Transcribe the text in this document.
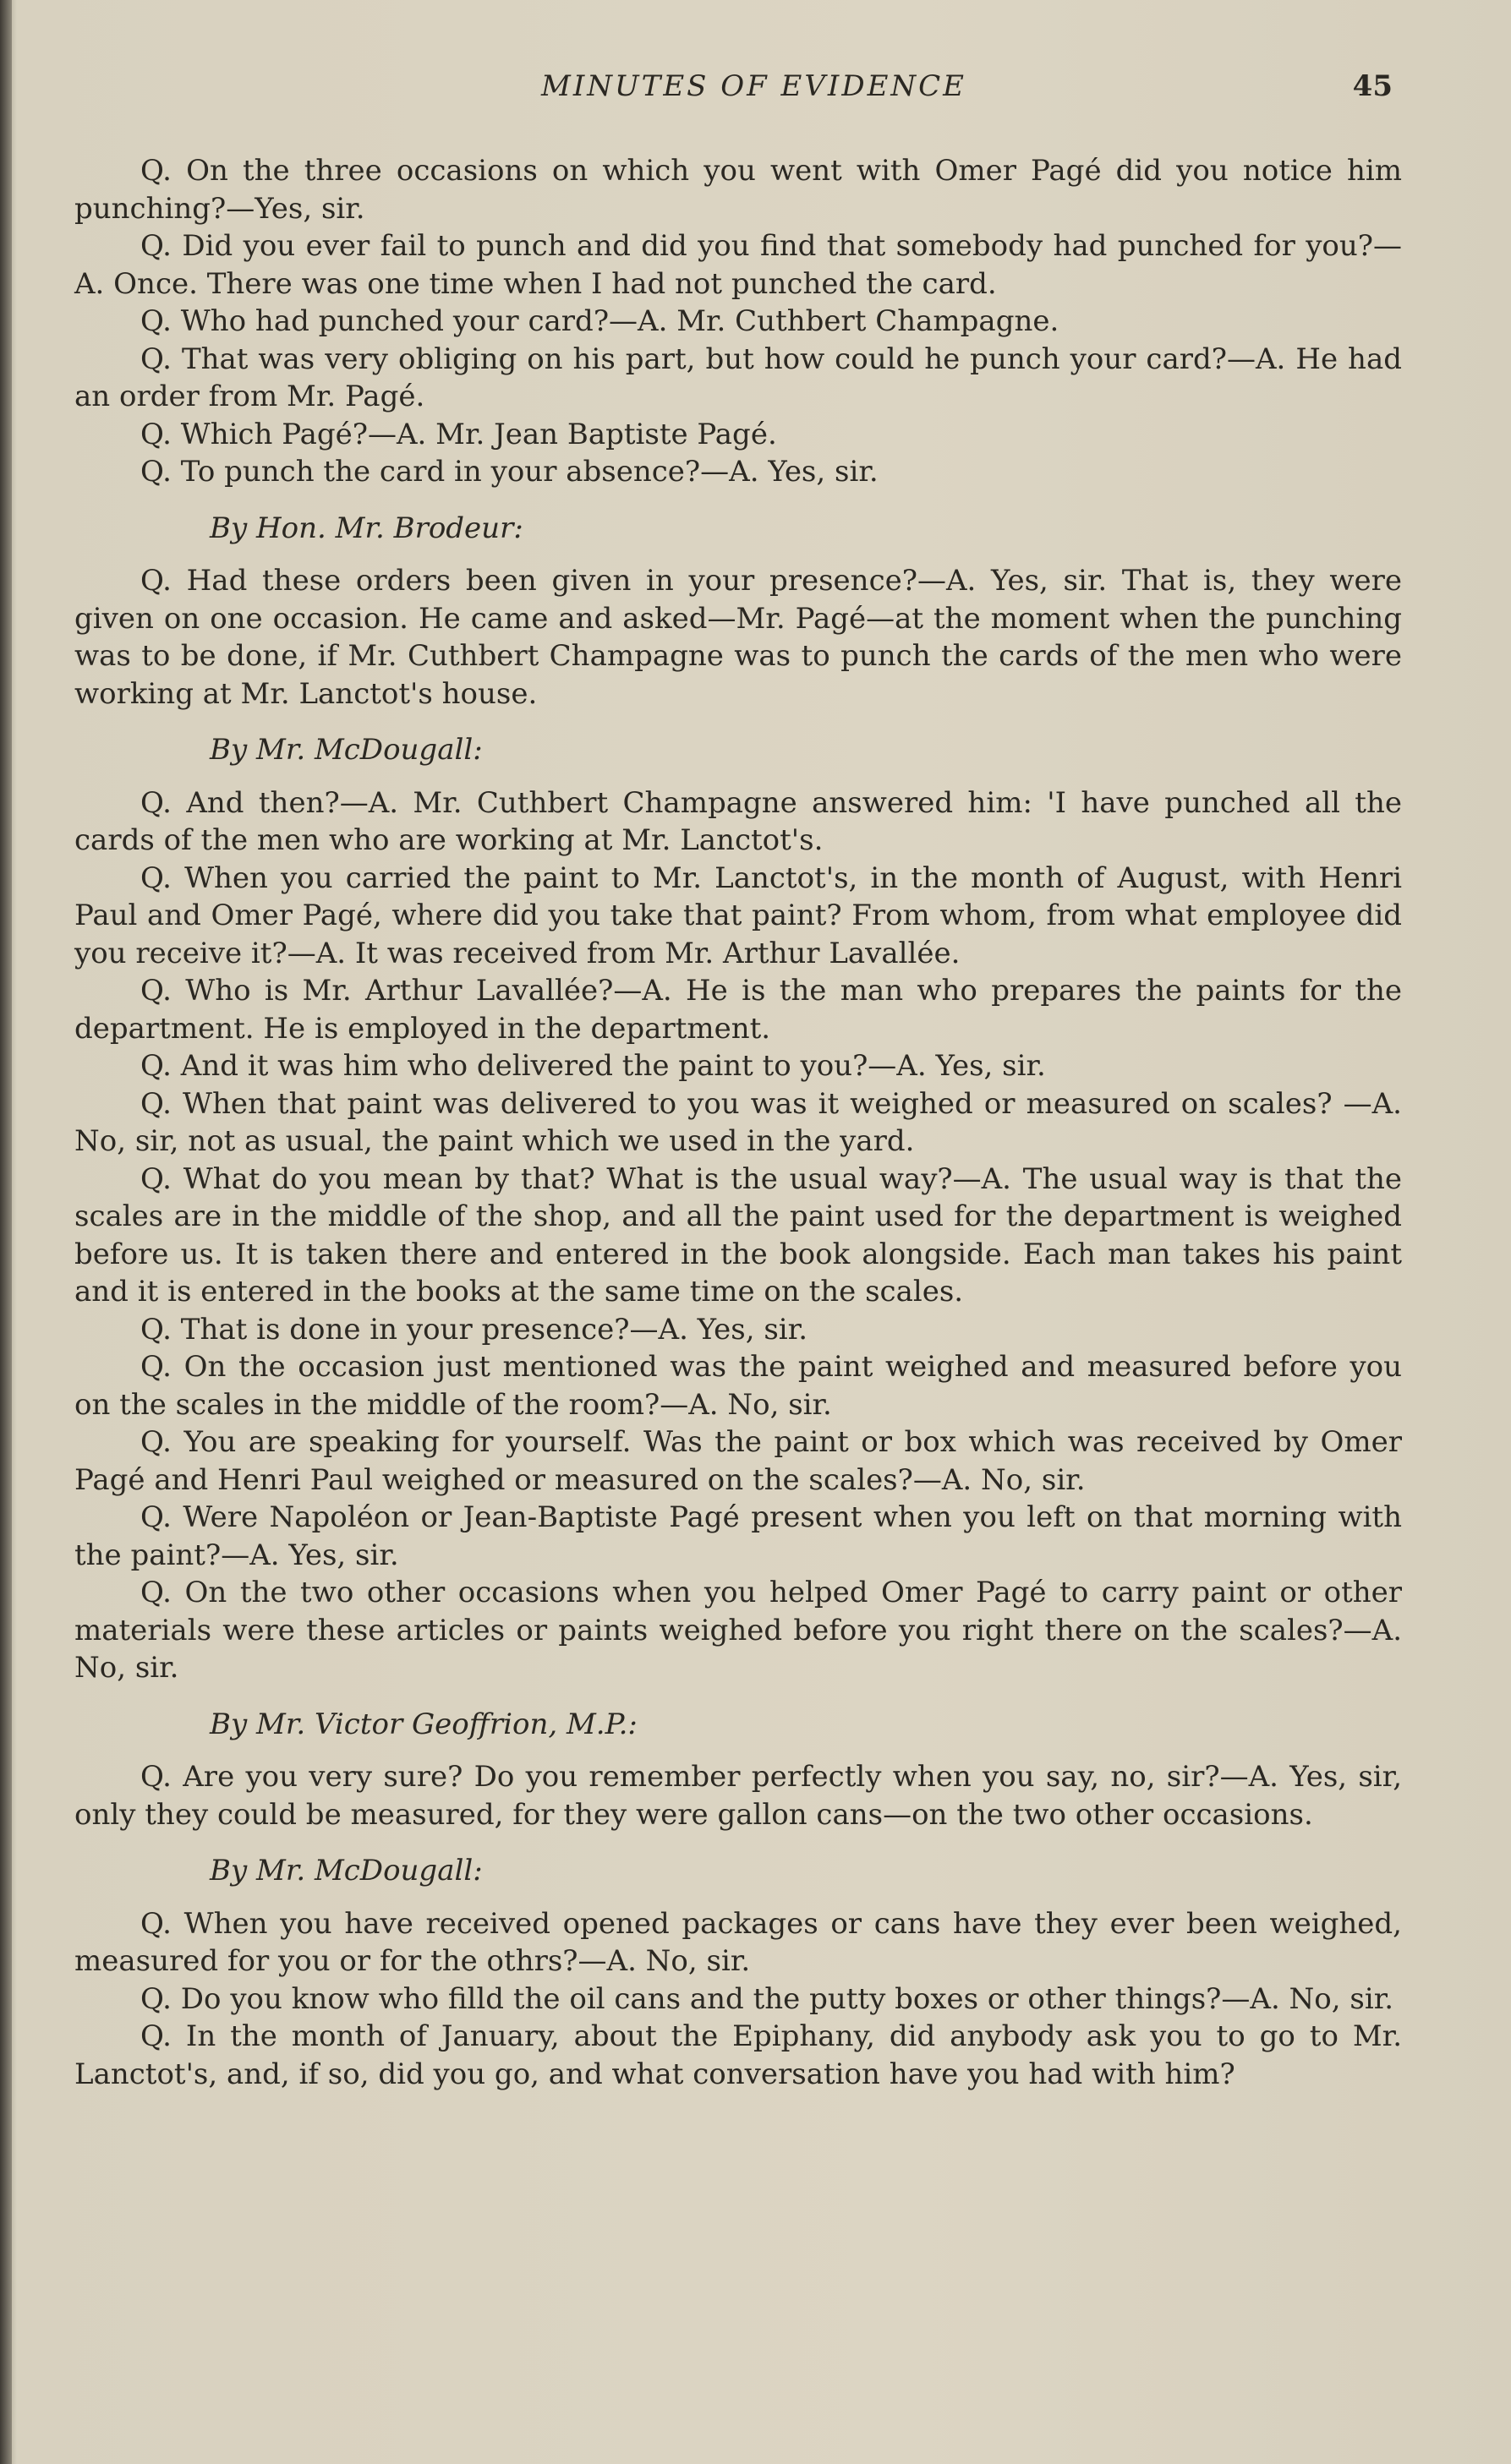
MINUTES OF EVIDENCE	45

Q. On the three occasions on which you went with Omer Pagé did you notice him punching?—Yes, sir.

Q. Did you ever fail to punch and did you find that somebody had punched for you?—A. Once. There was one time when I had not punched the card.

Q. Who had punched your card?—A. Mr. Cuthbert Champagne.

Q. That was very obliging on his part, but how could he punch your card?—A. He had an order from Mr. Pagé.

Q. Which Pagé?—A. Mr. Jean Baptiste Pagé.

Q. To punch the card in your absence?—A. Yes, sir.

By Hon. Mr. Brodeur:

Q. Had these orders been given in your presence?—A. Yes, sir. That is, they were given on one occasion. He came and asked—Mr. Pagé—at the moment when the punching was to be done, if Mr. Cuthbert Champagne was to punch the cards of the men who were working at Mr. Lanctot's house.

By Mr. McDougall:

Q. And then?—A. Mr. Cuthbert Champagne answered him: 'I have punched all the cards of the men who are working at Mr. Lanctot's.

Q. When you carried the paint to Mr. Lanctot's, in the month of August, with Henri Paul and Omer Pagé, where did you take that paint? From whom, from what employee did you receive it?—A. It was received from Mr. Arthur Lavallée.

Q. Who is Mr. Arthur Lavallée?—A. He is the man who prepares the paints for the department. He is employed in the department.

Q. And it was him who delivered the paint to you?—A. Yes, sir.

Q. When that paint was delivered to you was it weighed or measured on scales? —A. No, sir, not as usual, the paint which we used in the yard.

Q. What do you mean by that? What is the usual way?—A. The usual way is that the scales are in the middle of the shop, and all the paint used for the department is weighed before us. It is taken there and entered in the book alongside. Each man takes his paint and it is entered in the books at the same time on the scales.

Q. That is done in your presence?—A. Yes, sir.

Q. On the occasion just mentioned was the paint weighed and measured before you on the scales in the middle of the room?—A. No, sir.

Q. You are speaking for yourself. Was the paint or box which was received by Omer Pagé and Henri Paul weighed or measured on the scales?—A. No, sir.

Q. Were Napoléon or Jean-Baptiste Pagé present when you left on that morning with the paint?—A. Yes, sir.

Q. On the two other occasions when you helped Omer Pagé to carry paint or other materials were these articles or paints weighed before you right there on the scales?—A. No, sir.

By Mr. Victor Geoffrion, M.P.:

Q. Are you very sure? Do you remember perfectly when you say, no, sir?—A. Yes, sir, only they could be measured, for they were gallon cans—on the two other occasions.

By Mr. McDougall:

Q. When you have received opened packages or cans have they ever been weighed, measured for you or for the othrs?—A. No, sir.

Q. Do you know who filld the oil cans and the putty boxes or other things?—A. No, sir.

Q. In the month of January, about the Epiphany, did anybody ask you to go to Mr. Lanctot's, and, if so, did you go, and what conversation have you had with him?
